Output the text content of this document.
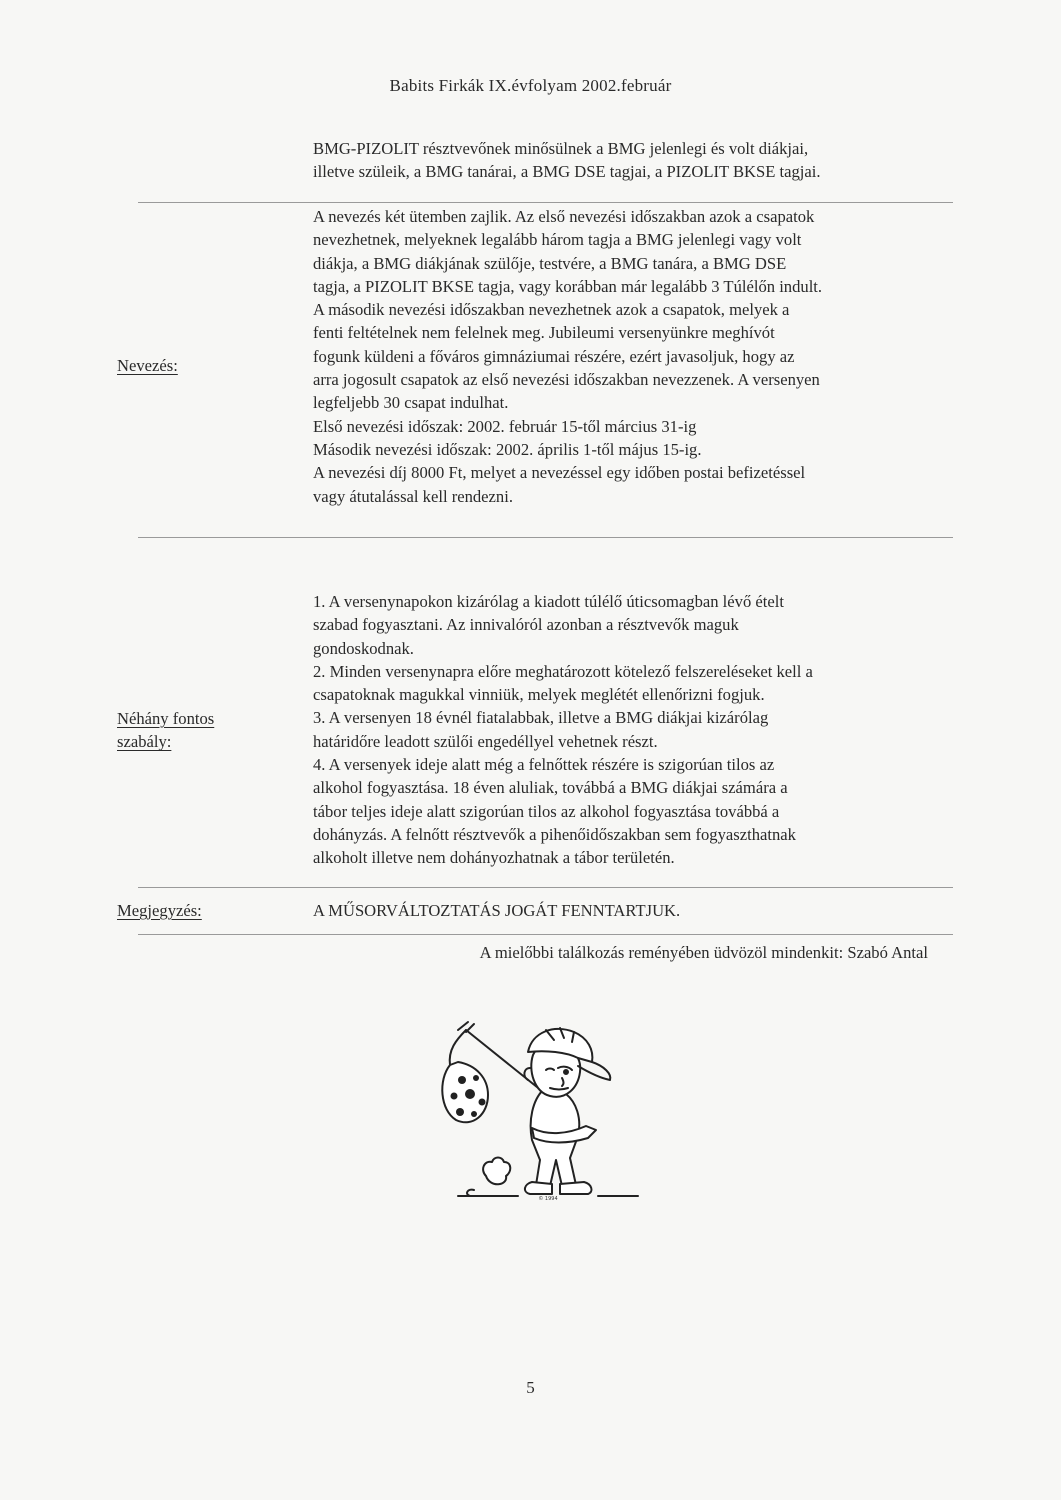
Babits Firkák IX.évfolyam 2002.február
BMG-PIZOLIT résztvevőnek minősülnek a BMG jelenlegi és volt diákjai,
illetve szüleik, a BMG tanárai, a BMG DSE tagjai, a PIZOLIT BKSE tagjai.
Nevezés:
A nevezés két ütemben zajlik. Az első nevezési időszakban azok a csapatok
nevezhetnek, melyeknek legalább három tagja a BMG jelenlegi vagy volt
diákja, a BMG diákjának szülője, testvére, a BMG tanára, a BMG DSE
tagja, a PIZOLIT BKSE tagja, vagy korábban már legalább 3 Túlélőn indult.
A második nevezési időszakban nevezhetnek azok a csapatok, melyek a
fenti feltételnek nem felelnek meg. Jubileumi versenyünkre meghívót
fogunk küldeni a főváros gimnáziumai részére, ezért javasoljuk, hogy az
arra jogosult csapatok az első nevezési időszakban nevezzenek. A versenyen
legfeljebb 30 csapat indulhat.
Első nevezési időszak: 2002. február 15-től március 31-ig
Második nevezési időszak: 2002. április 1-től május 15-ig.
A nevezési díj 8000 Ft, melyet a nevezéssel egy időben postai befizetéssel
vagy átutalással kell rendezni.
Néhány fontos
szabály:
1. A versenynapokon kizárólag a kiadott túlélő úticsomagban lévő ételt
szabad fogyasztani. Az innivalóról azonban a résztvevők maguk
gondoskodnak.
2. Minden versenynapra előre meghatározott kötelező felszereléseket kell a
csapatoknak magukkal vinniük, melyek meglétét ellenőrizni fogjuk.
3. A versenyen 18 évnél fiatalabbak, illetve a BMG diákjai kizárólag
határidőre leadott szülői engedéllyel vehetnek részt.
4. A versenyek ideje alatt még a felnőttek részére is szigorúan tilos az
alkohol fogyasztása. 18 éven aluliak, továbbá a BMG diákjai számára a
tábor teljes ideje alatt szigorúan tilos az alkohol fogyasztása továbbá a
dohányzás. A felnőtt résztvevők a pihenőidőszakban sem fogyaszthatnak
alkoholt illetve nem dohányozhatnak a tábor területén.
Megjegyzés:	A MŰSORVÁLTOZTATÁS JOGÁT FENNTARTJUK.
A mielőbbi találkozás reményében üdvözöl mindenkit: Szabó Antal
© 1994
5
